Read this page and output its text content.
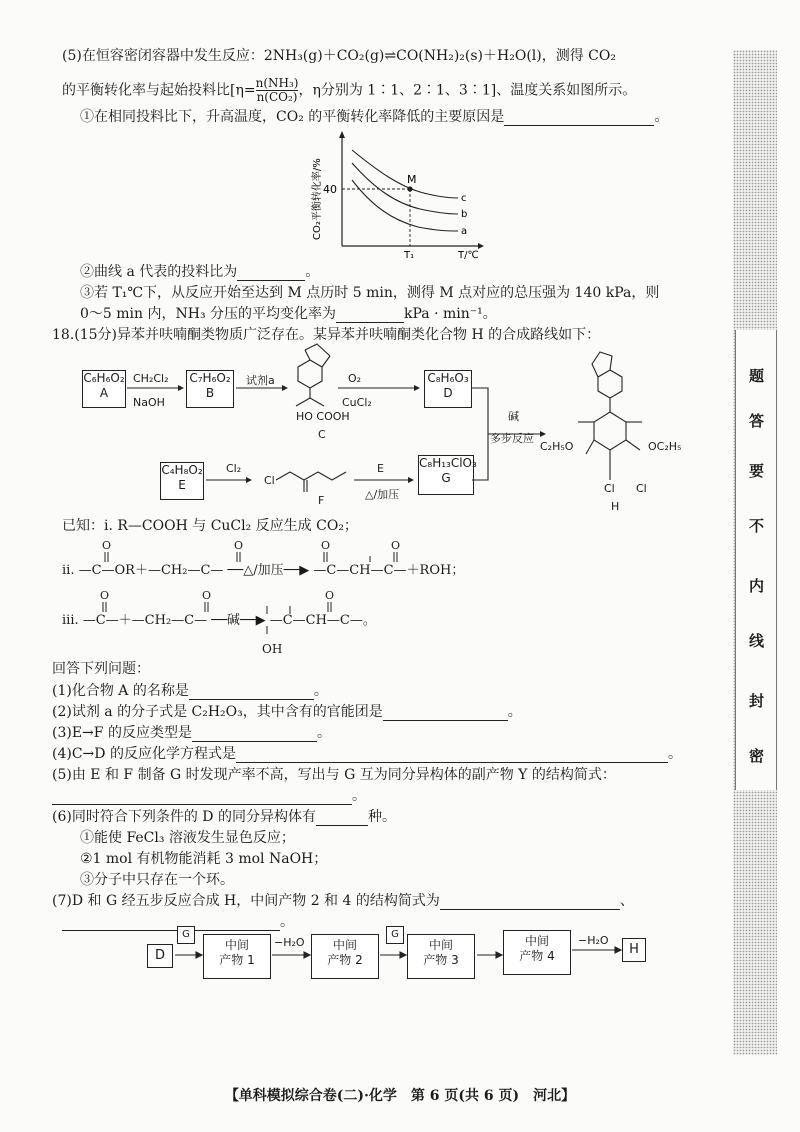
密
封
线
内
不
要
答
题
(5)在恒容密闭容器中发生反应：2NH₃(g)＋CO₂(g)⇌CO(NH₂)₂(s)＋H₂O(l)，测得 CO₂
的平衡转化率与起始投料比[$\eta= \frac{\text{n(NH₃)}}{\text{n(CO₂)}}$ ，η分别为 1∶1、2∶1、3∶1]、温度关系如图所示。
①在相同投料比下，升高温度，CO₂ 的平衡转化率降低的主要原因是	。
M
40
T₁	T/℃
c
b
a
CO₂平衡转化率/%
②曲线 a 代表的投料比为	。
③若 T₁℃下，从反应开始至达到 M 点历时 5 min，测得 M 点对应的总压强为 140 kPa，则
0～5 min 内，NH₃ 分压的平均变化率为	kPa · min⁻¹。
18.(15分)异苯并呋喃酮类物质广泛存在。某异苯并呋喃酮类化合物 H 的合成路线如下：
C₆H₆O₂
A
CH₂Cl₂
NaOH
C₇H₆O₂
B
试剂a	O₂
CuCl₂
C₈H₆O₃
D
HO COOH
C
C₄H₈O₂
E
Cl₂
Cl
F
E
△/加压
C₈H₁₃ClO₃
G
碱
多步反应
C₂H₅O	OC₂H₅
Cl Cl
H
已知：ⅰ. R—COOH 与 CuCl₂ 反应生成 CO₂；
ⅱ. —C—OR＋—CH₂—C— ──△/加压──▶ —C—CH—C—＋ROH；
ⅲ. —C—＋—CH₂—C— ──碱──▶ —C—CH—C—。
OH
O	O	O	O
O	O	O
回答下列问题：
(1)化合物 A 的名称是	。
(2)试剂 a 的分子式是 C₂H₂O₃，其中含有的官能团是	。
(3)E→F 的反应类型是	。
(4)C→D 的反应化学方程式是	。
(5)由 E 和 F 制备 G 时发现产率不高，写出与 G 互为同分异构体的副产物 Y 的结构简式：
。
(6)同时符合下列条件的 D 的同分异构体有	种。
①能使 FeCl₃ 溶液发生显色反应；
②1 mol 有机物能消耗 3 mol NaOH；
③分子中只存在一个环。
(7)D 和 G 经五步反应合成 H，中间产物 2 和 4 的结构简式为	、
。
D
G
中间
产物 1
−H₂O	中间
产物 2
G
中间
产物 3
中间
产物 4
−H₂O
H
【单科模拟综合卷(二)·化学　第 6 页(共 6 页)　河北】
